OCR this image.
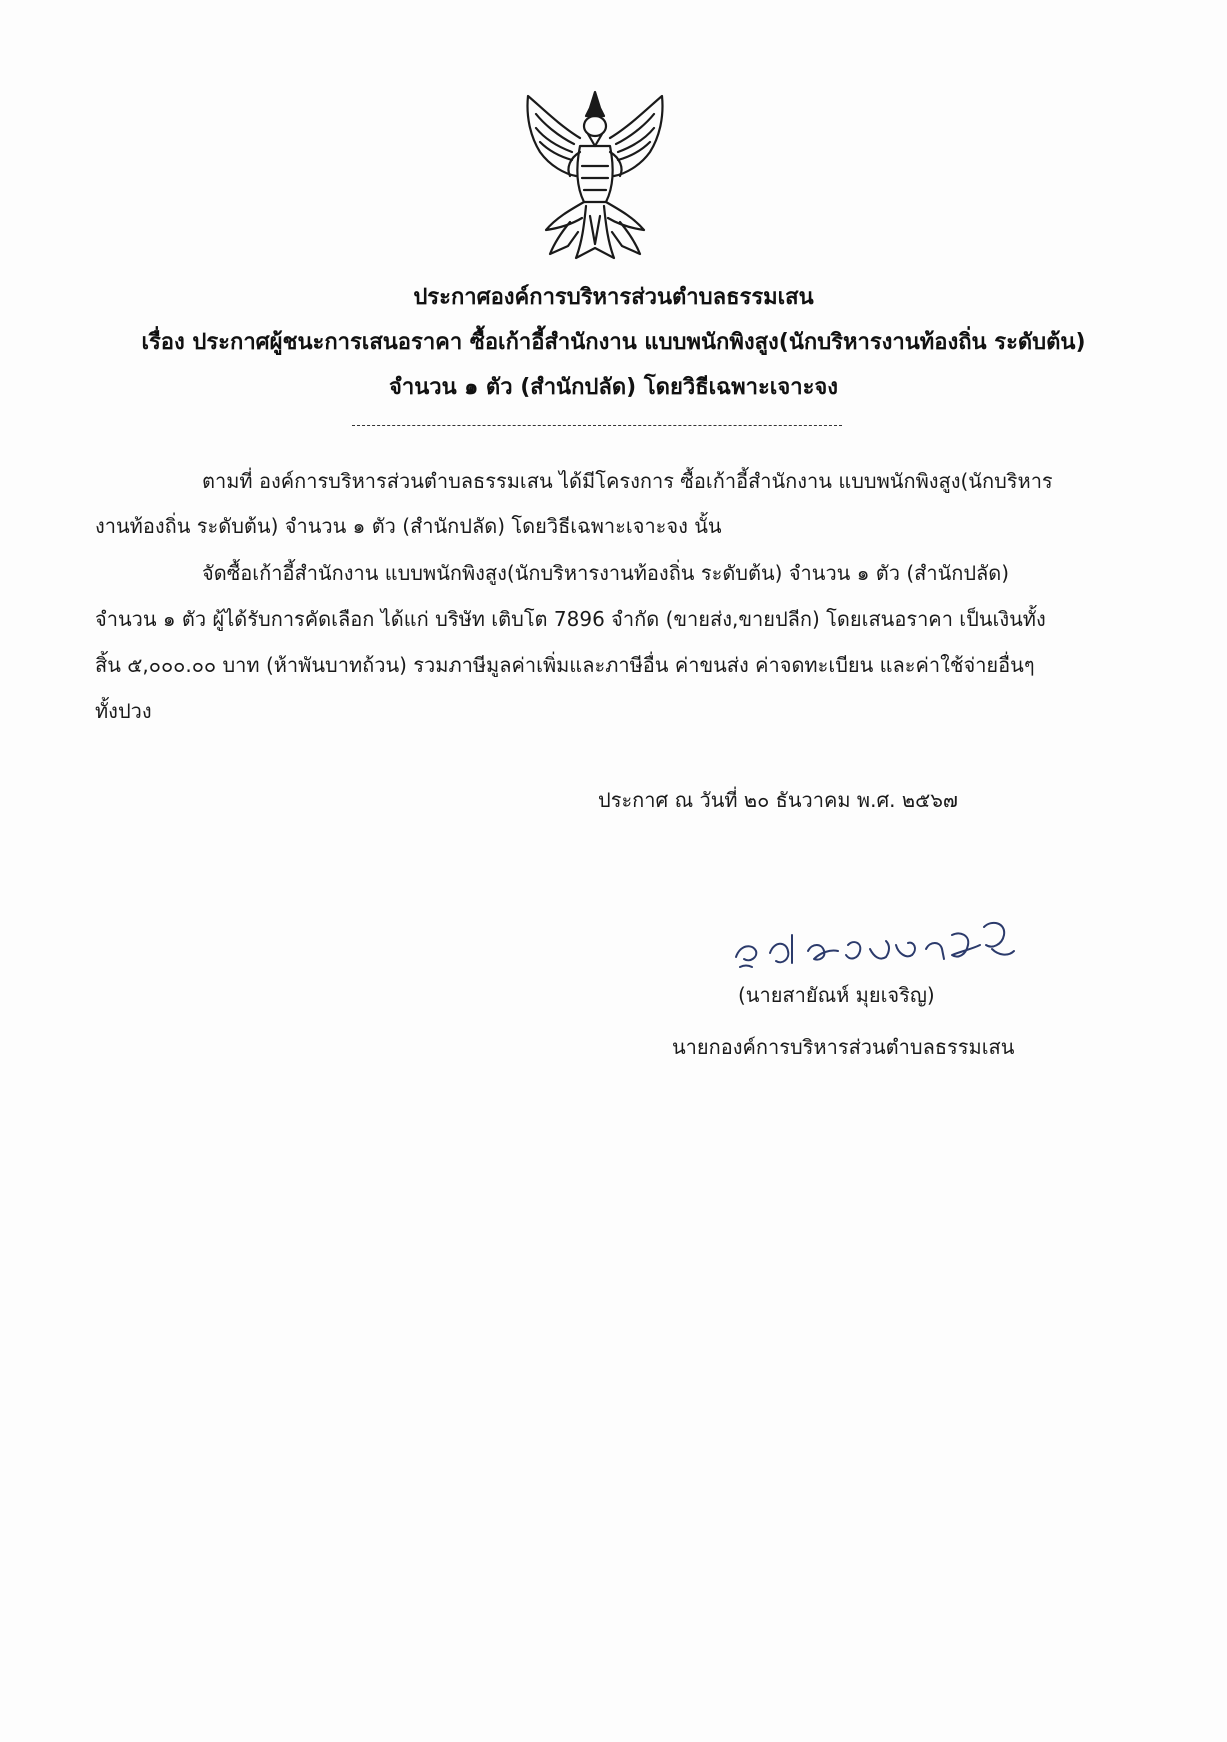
ประกาศองค์การบริหารส่วนตำบลธรรมเสน
เรื่อง ประกาศผู้ชนะการเสนอราคา ซื้อเก้าอี้สำนักงาน แบบพนักพิงสูง(นักบริหารงานท้องถิ่น ระดับต้น)
จำนวน ๑ ตัว (สำนักปลัด) โดยวิธีเฉพาะเจาะจง
ตามที่ องค์การบริหารส่วนตำบลธรรมเสน ได้มีโครงการ ซื้อเก้าอี้สำนักงาน แบบพนักพิงสูง(นักบริหาร
งานท้องถิ่น ระดับต้น) จำนวน ๑ ตัว (สำนักปลัด) โดยวิธีเฉพาะเจาะจง นั้น
จัดซื้อเก้าอี้สำนักงาน แบบพนักพิงสูง(นักบริหารงานท้องถิ่น ระดับต้น) จำนวน ๑ ตัว (สำนักปลัด)
จำนวน ๑ ตัว ผู้ได้รับการคัดเลือก ได้แก่ บริษัท เติบโต 7896 จำกัด (ขายส่ง,ขายปลีก) โดยเสนอราคา เป็นเงินทั้ง
สิ้น ๕,๐๐๐.๐๐ บาท (ห้าพันบาทถ้วน) รวมภาษีมูลค่าเพิ่มและภาษีอื่น ค่าขนส่ง ค่าจดทะเบียน และค่าใช้จ่ายอื่นๆ
ทั้งปวง
ประกาศ ณ วันที่ ๒๐ ธันวาคม พ.ศ. ๒๕๖๗
(นายสายัณห์ มุยเจริญ)
นายกองค์การบริหารส่วนตำบลธรรมเสน
